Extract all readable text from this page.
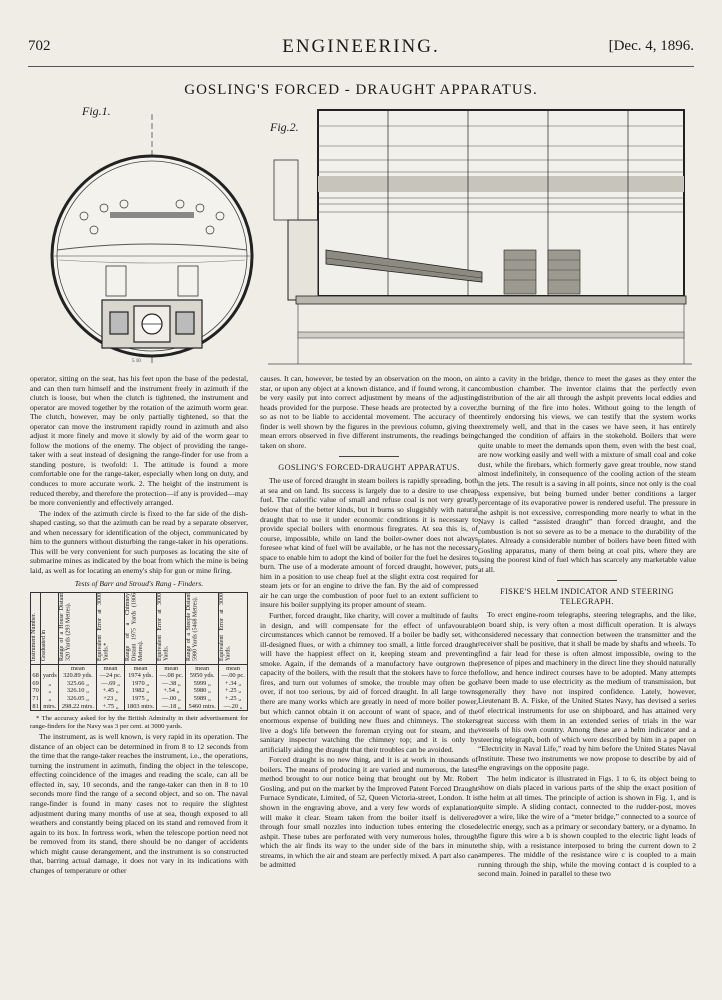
702	ENGINEERING.	[Dec. 4, 1896.
GOSLING'S FORCED - DRAUGHT APPARATUS.
Fig.1.
5 10
Fig.2.

operator, sitting on the seat, has his feet upon the base of the pedestal, and can then turn himself and the instrument freely in azimuth if the clutch is loose, but when the clutch is tightened, the instrument and operator are moved together by the rotation of the azimuth worm gear. The clutch, however, may be only partially tightened, so that the operator can move the instrument rapidly round in azimuth and also adjust it more finely and move it slowly by aid of the worm gear to follow the motions of the enemy. The object of providing the range-taker with a seat instead of designing the range-finder for use from a standing posture, is twofold: 1. The attitude is found a more comfortable one for the range-taker, especially when long on duty, and conduces to more accurate work. 2. The height of the instrument is reduced thereby, and therefore the protection—if any is provided—may be more conveniently and effectively arranged.

The index of the azimuth circle is fixed to the far side of the dish-shaped casting, so that the azimuth can be read by a separate observer, and when necessary for identification of the object, communicated by him to the gunners without disturbing the range-taker in his operations. This will be very convenient for such purposes as locating the site of submarine mines as indicated by the boat from which the mine is being laid, as well as for locating an enemy's ship for gun or mine firing.

Tests of Barr and Stroud's Rang - Finders.

Instrument Number.	Graduated in	Range of a House Distant 320 Yards (293 Metres).	Equivalent Error at 3000 Yards.*	Range of a Chimney Distant 1975 Yards (1806 Metres).	Equivalent Error at 3000 Yards.	Range of a Steeple Distant 5980 Yards (5468 Metres).	Equivalent Error at 3000 Yards.
		mean	mean	mean	mean	mean	mean
68	yards	320.89 yds.	—24 pc.	1974 yds.	—.08 pc.	5950 yds.	—.00 pc.
69	„	325.66 „	—.69 „	1970 „	—.38 „	5999 „	+.34 „
70	„	326.10 „	+.45 „	1982 „	+.54 „	5980 „	+.25 „
71	„	326.05 „	+23 „	1975 „	—.00 „	5989 „	+.25 „
81	mtrs.	298.22 mtrs.	+.75 „	1803 mtrs.	—.18 „	5460 mtrs.	—.20 „

* The accuracy asked for by the British Admiralty in their advertisement for range-finders for the Navy was 3 per cent. at 3000 yards.

The instrument, as is well known, is very rapid in its operation. The distance of an object can be determined in from 8 to 12 seconds from the time that the range-taker reaches the instrument, i.e., the operations, turning the instrument in azimuth, finding the object in the telescope, effecting coincidence of the images and reading the scale, can all be effected in, say, 10 seconds, and the range-taker can then in 8 to 10 seconds more find the range of a second object, and so on. The naval range-finder is found in many cases not to require the slightest adjustment during many months of use at sea, though exposed to all weathers and constantly being placed on its stand and removed from it again to its box. In fortress work, when the telescope portion need not be removed from its stand, there should be no danger of accidents which might cause derangement, and the instrument is so constructed that, barring actual damage, it does not vary in its indications with changes of temperature or other

causes. It can, however, be tested by an observation on the moon, on a star, or upon any object at a known distance, and if found wrong, it can be very easily put into correct adjustment by means of the adjusting heads provided for the purpose. These heads are protected by a cover, so as not to be liable to accidental movement. The accuracy of the finder is well shown by the figures in the previous column, giving the mean errors observed in five different instruments, the readings being taken on shore.

GOSLING'S FORCED-DRAUGHT APPARATUS.

The use of forced draught in steam boilers is rapidly spreading, both at sea and on land. Its success is largely due to a desire to use cheap fuel. The calorific value of small and refuse coal is not very greatly below that of the better kinds, but it burns so sluggishly with natural draught that to use it under economic conditions it is necessary to provide special boilers with enormous firegrates. At sea this is, of course, impossible, while on land the boiler-owner does not always foresee what kind of fuel will be available, or he has not the necessary space to enable him to adopt the kind of boiler for the fuel he desires to burn. The use of a moderate amount of forced draught, however, puts him in a position to use cheap fuel at the slight extra cost required for steam jets or for an engine to drive the fan. By the aid of compressed air he can urge the combustion of poor fuel to an extent sufficient to insure his boiler supplying its proper amount of steam.

Further, forced draught, like charity, will cover a multitude of faults in design, and will compensate for the effect of unfavourable circumstances which cannot be removed. If a boiler be badly set, with ill-designed flues, or with a chimney too small, a little forced draught will have the happiest effect on it, keeping steam and preventing smoke. Again, if the demands of a manufactory have outgrown the capacity of the boilers, with the result that the stokers have to force the fires, and turn out volumes of smoke, the trouble may often be got over, if not too serious, by aid of forced draught. In all large towns there are many works which are greatly in need of more boiler power, but which cannot obtain it on account of want of space, and of the enormous expense of building new flues and chimneys. The stokers live a dog's life between the foreman crying out for steam, and the sanitary inspector watching the chimney top; and it is only by artificially aiding the draught that their troubles can be avoided.

Forced draught is no new thing, and it is at work in thousands of boilers. The means of producing it are varied and numerous, the latest method brought to our notice being that brought out by Mr. Robert Gosling, and put on the market by the Improved Patent Forced Draught Furnace Syndicate, Limited, of 52, Queen Victoria-street, London. It is shown in the engraving above, and a very few words of explanation will make it clear. Steam taken from the boiler itself is delivered through four small nozzles into induction tubes entering the closed ashpit. These tubes are perforated with very numerous holes, through which the air finds its way to the under side of the bars in minute streams, in which the air and steam are perfectly mixed. A part also can be admitted

into a cavity in the bridge, thence to meet the gases as they enter the combustion chamber. The inventor claims that the perfectly even distribution of the air all through the ashpit prevents local eddies and the burning of the fire into holes. Without going to the length of entirely endorsing his views, we can testify that the system works extremely well, and that in the cases we have seen, it has entirely changed the condition of affairs in the stokehold. Boilers that were quite unable to meet the demands upon them, even with the best coal, are now working easily and well with a mixture of small coal and coke dust, while the firebars, which formerly gave great trouble, now stand almost indefinitely, in consequence of the cooling action of the steam in the jets. The result is a saving in all points, since not only is the coal less expensive, but being burned under better conditions a larger percentage of its evaporative power is rendered useful. The pressure in the ashpit is not excessive, corresponding more nearly to what in the Navy is called “assisted draught” than forced draught, and the combustion is not so severe as to be a menace to the durability of the plates. Already a considerable number of boilers have been fitted with Gosling apparatus, many of them being at coal pits, where they are using the poorest kind of fuel which has scarcely any marketable value at all.

FISKE'S HELM INDICATOR AND STEERING TELEGRAPH.

To erect engine-room telegraphs, steering telegraphs, and the like, on board ship, is very often a most difficult operation. It is always considered necessary that connection between the transmitter and the receiver shall be positive, that it shall be made by shafts and wheels. To find a fair lead for these is often almost impossible, owing to the presence of pipes and machinery in the direct line they should naturally follow, and hence indirect courses have to be adopted. Many attempts have been made to use electricity as the medium of transmission, but generally they have not inspired confidence. Lately, however, Lieutenant B. A. Fiske, of the United States Navy, has devised a series of electrical instruments for use on shipboard, and has attained very great success with them in an extended series of trials in the war vessels of his own country. Among these are a helm indicator and a steering telegraph, both of which were described by him in a paper on “Electricity in Naval Life,” read by him before the United States Naval Institute. These two instruments we now propose to describe by aid of the engravings on the opposite page.

The helm indicator is illustrated in Figs. 1 to 6, its object being to show on dials placed in various parts of the ship the exact position of the helm at all times. The principle of action is shown in Fig. 1, and is quite simple. A sliding contact, connected to the rudder-post, moves over a wire, like the wire of a “meter bridge,” connected to a source of electric energy, such as a primary or secondary battery, or a dynamo. In the figure this wire a b is shown coupled to the electric light leads of the ship, with a resistance interposed to bring the current down to 2 amperes. The middle of the resistance wire c is coupled to a main running through the ship, while the moving contact d is coupled to a second main. Joined in parallel to these two
